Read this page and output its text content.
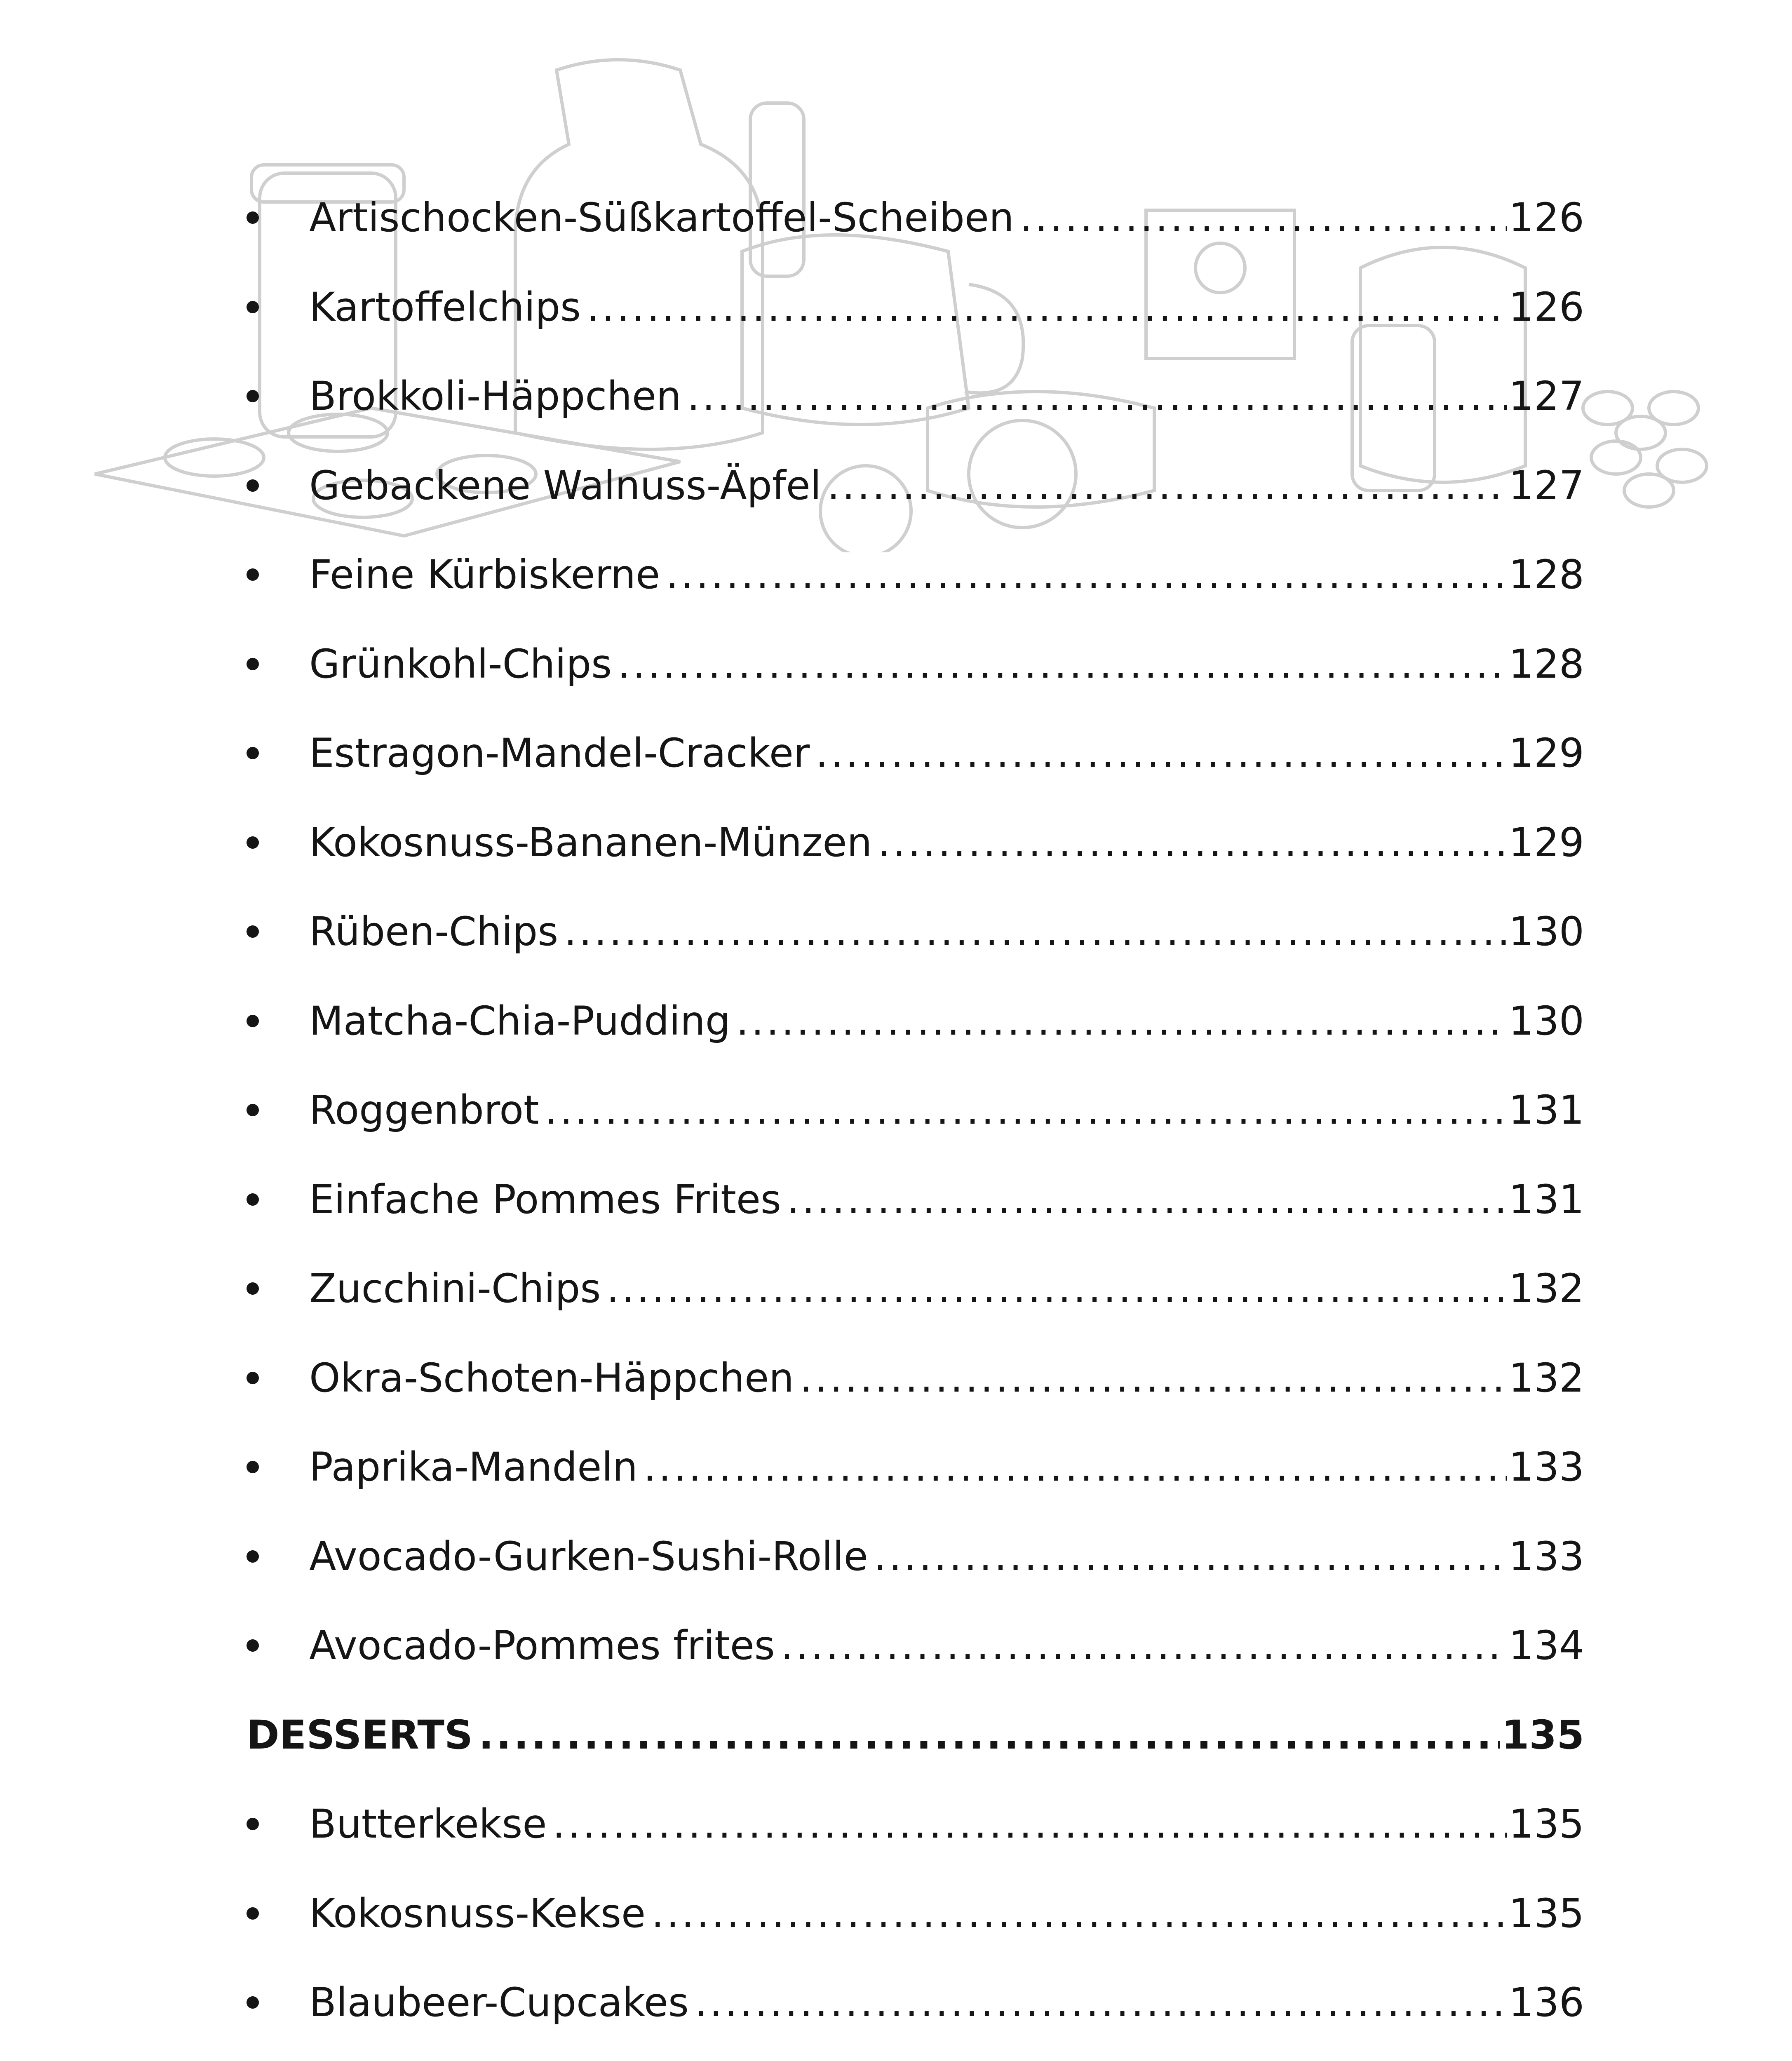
Artischocken-Süßkartoffel-Scheiben .....	126
Kartoffelchips .....	126
Brokkoli-Häppchen .....	127
Gebackene Walnuss-Äpfel .....	127
Feine Kürbiskerne .....	128
Grünkohl-Chips .....	128
Estragon-Mandel-Cracker .....	129
Kokosnuss-Bananen-Münzen .....	129
Rüben-Chips .....	130
Matcha-Chia-Pudding .....	130
Roggenbrot .....	131
Einfache Pommes Frites .....	131
Zucchini-Chips .....	132
Okra-Schoten-Häppchen .....	132
Paprika-Mandeln .....	133
Avocado-Gurken-Sushi-Rolle .....	133
Avocado-Pommes frites .....	134
DESSERTS .....	135
Butterkekse .....	135
Kokosnuss-Kekse .....	135
Blaubeer-Cupcakes .....	136
